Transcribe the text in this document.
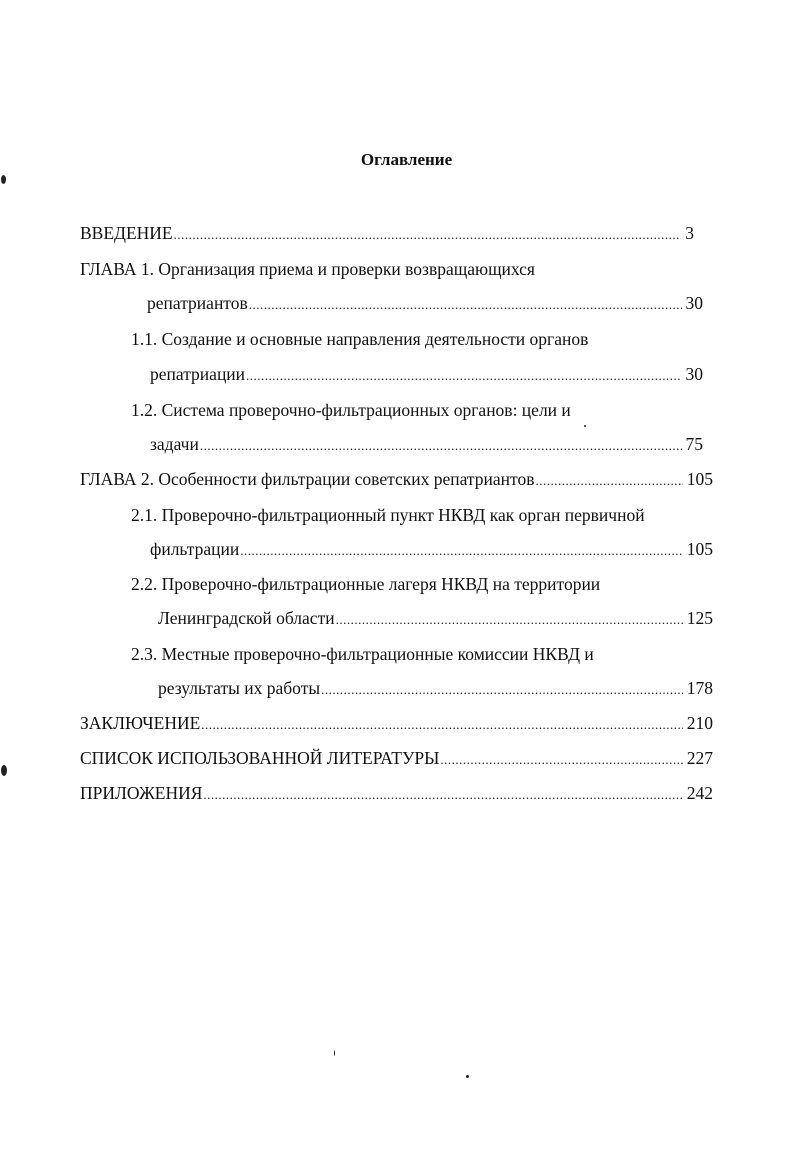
Оглавление
ВВЕДЕНИЕ .....	3
ГЛАВА 1. Организация приема и проверки возвращающихся
репатриантов .....	30
1.1. Создание и основные направления деятельности органов
репатриации .....	30
1.2. Система проверочно-фильтрационных органов: цели и
задачи .....	75
ГЛАВА 2. Особенности фильтрации советских репатриантов .....	105
2.1. Проверочно-фильтрационный пункт НКВД как орган первичной
фильтрации .....	105
2.2. Проверочно-фильтрационные лагеря НКВД на территории
Ленинградской области .....	125
2.3. Местные проверочно-фильтрационные комиссии НКВД и
результаты их работы .....	178
ЗАКЛЮЧЕНИЕ .....	210
СПИСОК ИСПОЛЬЗОВАННОЙ ЛИТЕРАТУРЫ .....	227
ПРИЛОЖЕНИЯ .....	242
